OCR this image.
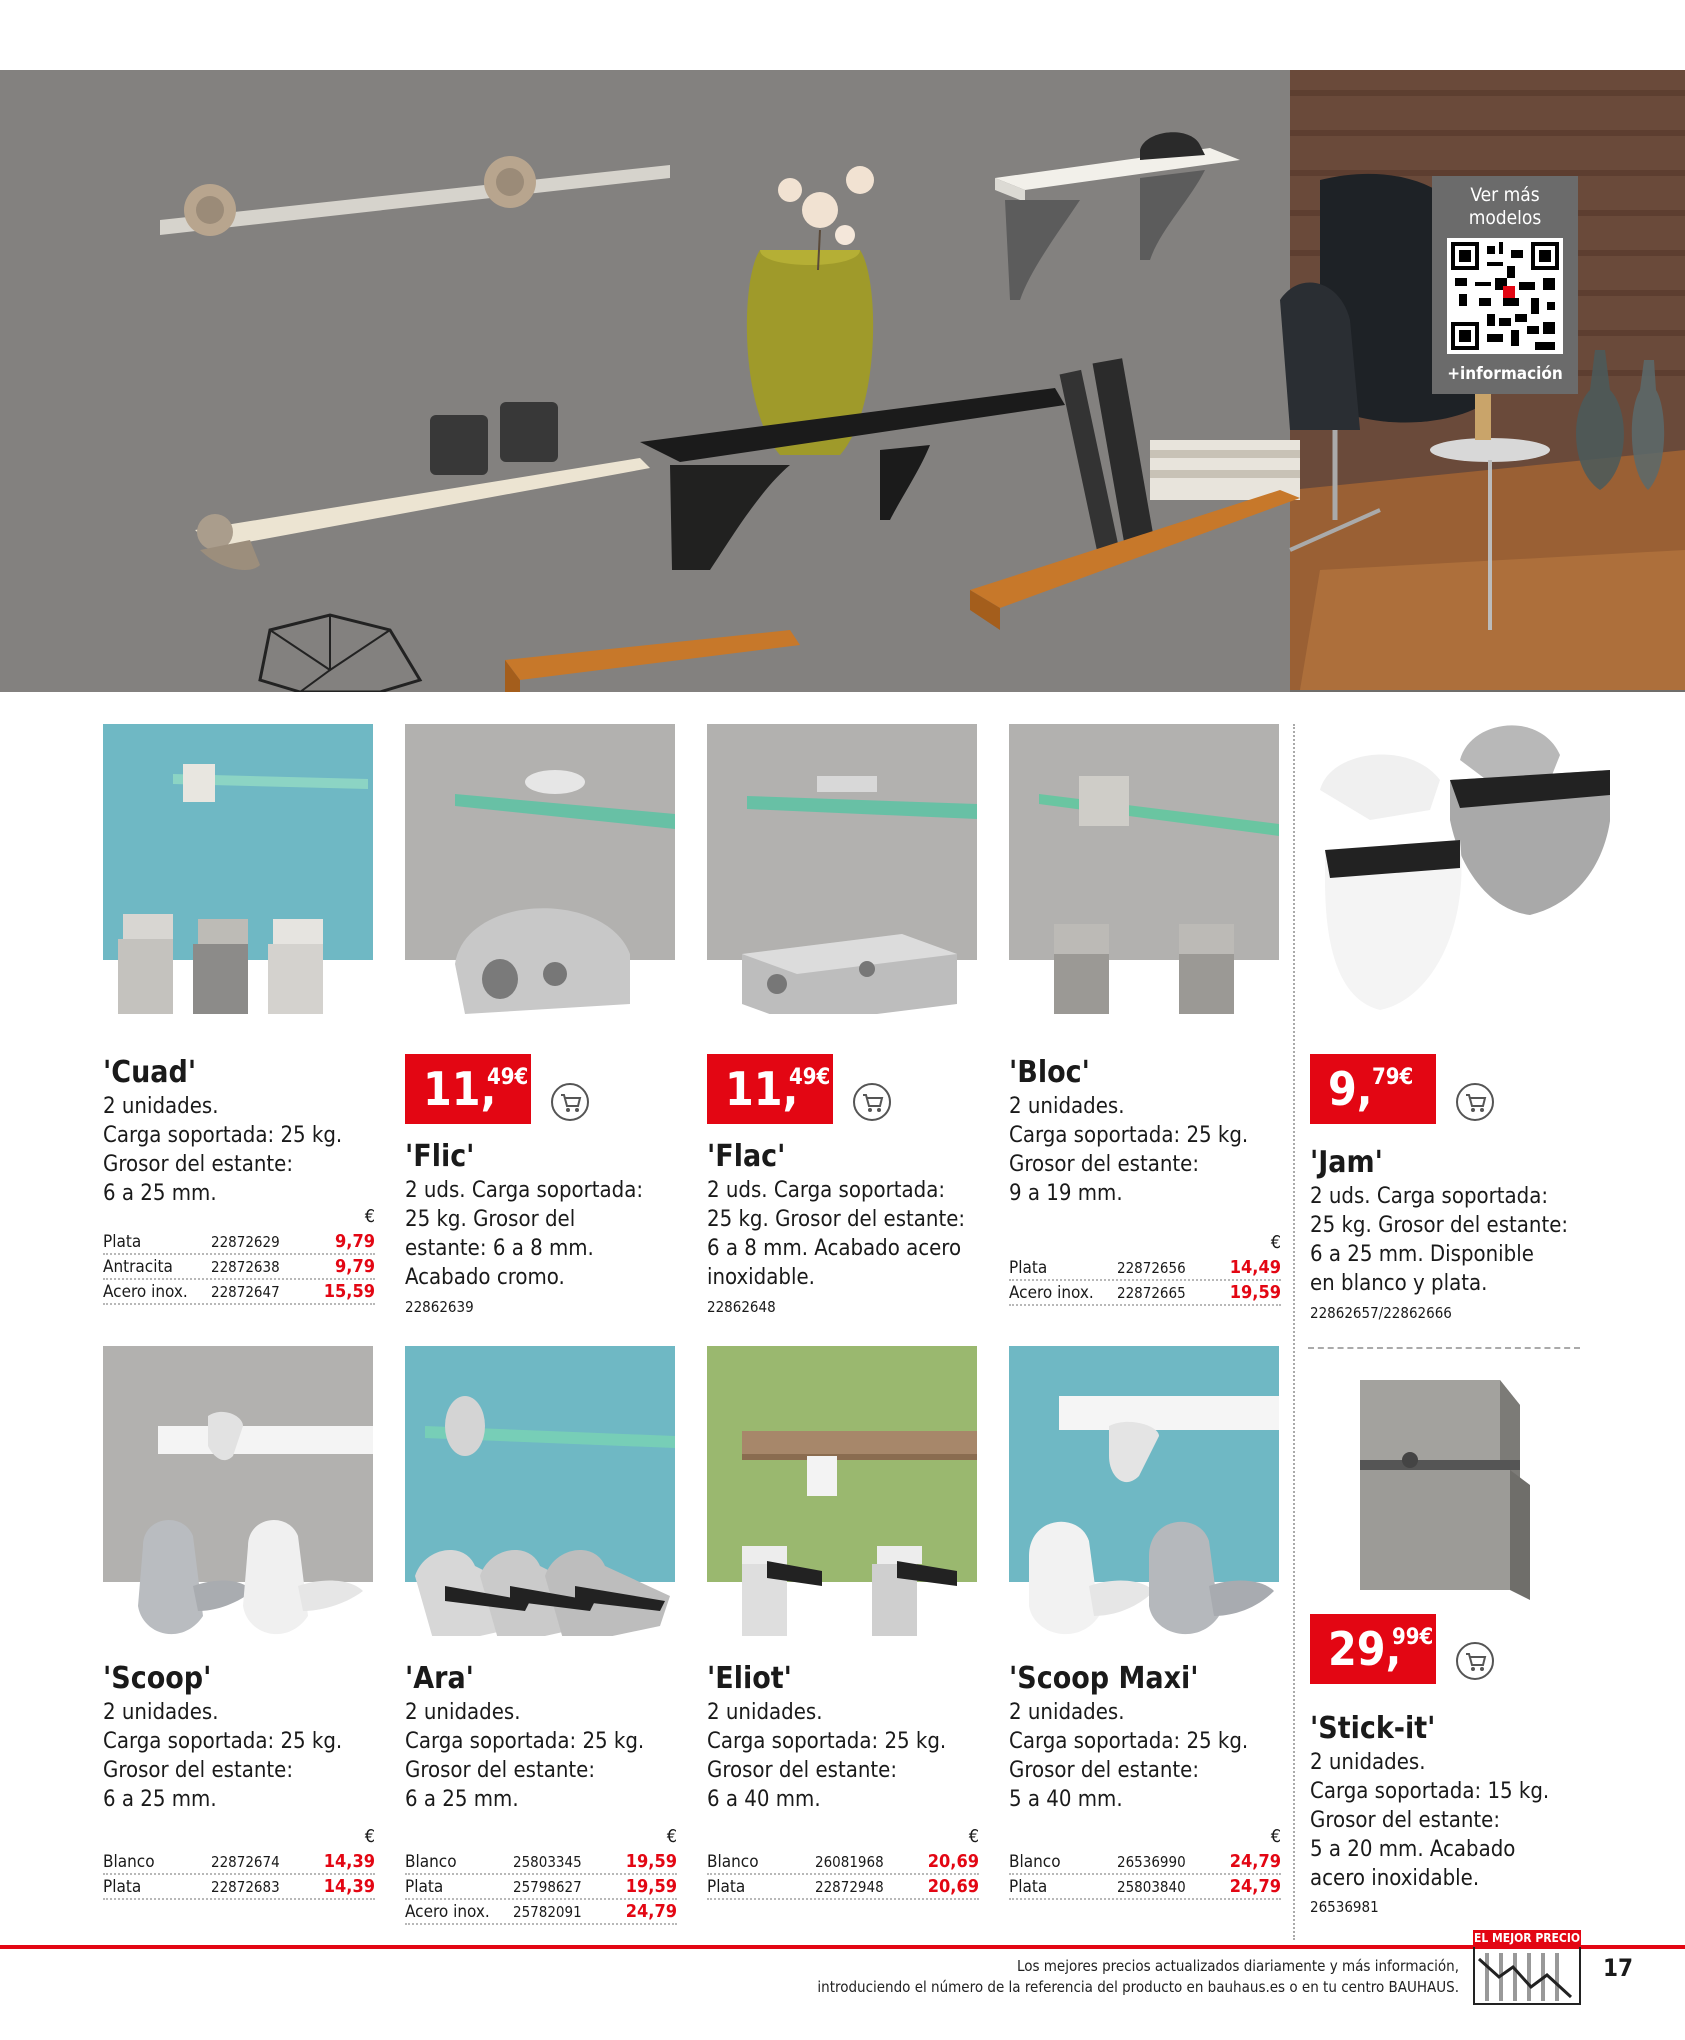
Ver más modelos
+información
'Cuad'
2 unidades.
Carga soportada: 25 kg.
Grosor del estante:
6 a 25 mm.
€
Plata	22872629	9,79
Antracita	22872638	9,79
Acero inox.	22872647	15,59
11,
49€
'Flic'
2 uds. Carga soportada:
25 kg. Grosor del
estante: 6 a 8 mm.
Acabado cromo.
22862639
11,
49€
'Flac'
2 uds. Carga soportada:
25 kg. Grosor del estante:
6 a 8 mm. Acabado acero
inoxidable.
22862648
'Bloc'
2 unidades.
Carga soportada: 25 kg.
Grosor del estante:
9 a 19 mm.
€
Plata	22872656	14,49
Acero inox.	22872665	19,59
9, 79€
'Jam'
2 uds. Carga soportada:
25 kg. Grosor del estante:
6 a 25 mm. Disponible
en blanco y plata.
22862657/22862666
'Scoop'
2 unidades.
Carga soportada: 25 kg.
Grosor del estante:
6 a 25 mm.
€
Blanco	22872674	14,39
Plata	22872683	14,39
'Ara'
2 unidades.
Carga soportada: 25 kg.
Grosor del estante:
6 a 25 mm.
€
Blanco	25803345	19,59
Plata	25798627	19,59
Acero inox.	25782091	24,79
'Eliot'
2 unidades.
Carga soportada: 25 kg.
Grosor del estante:
6 a 40 mm.
€
Blanco	26081968	20,69
Plata	22872948	20,69
'Scoop Maxi'
2 unidades.
Carga soportada: 25 kg.
Grosor del estante:
5 a 40 mm.
€
Blanco	26536990	24,79
Plata	25803840	24,79
29,
99€
'Stick-it'
2 unidades.
Carga soportada: 15 kg.
Grosor del estante:
5 a 20 mm. Acabado
acero inoxidable.
26536981
Los mejores precios actualizados diariamente y más información,
introduciendo el número de la referencia del producto en bauhaus.es o en tu centro BAUHAUS.
EL MEJOR PRECIO
17
